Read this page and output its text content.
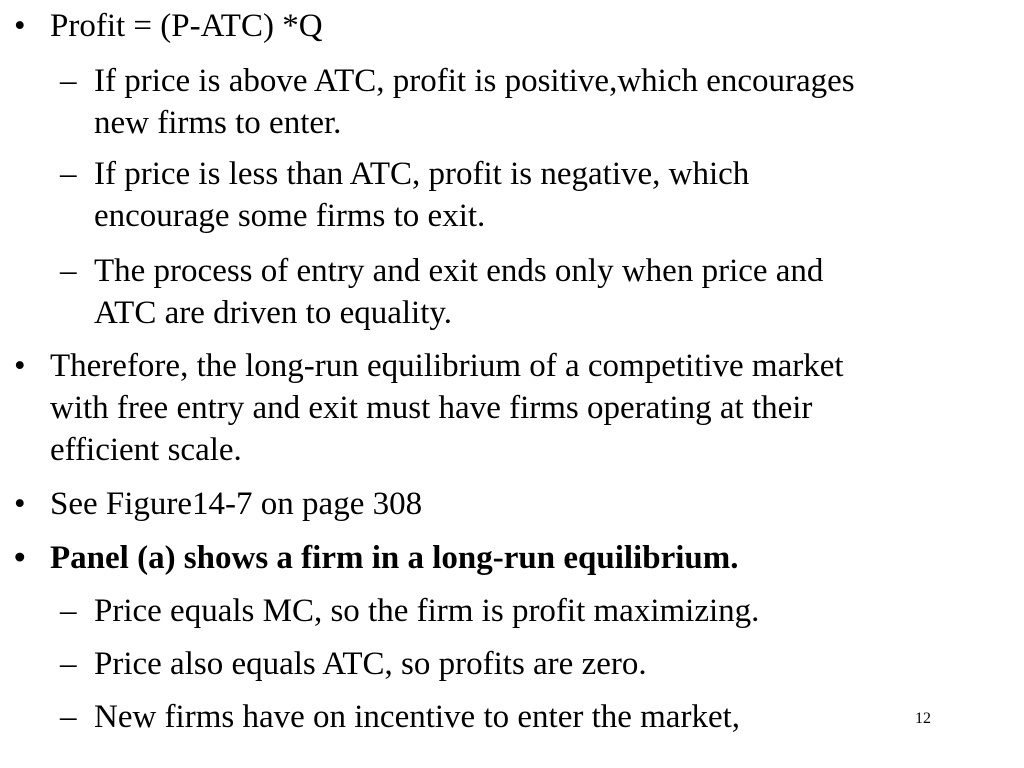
• Profit = (P-ATC) *Q
– If price is above ATC, profit is positive,which encourages
new firms to enter.
– If price is less than ATC, profit is negative, which
encourage some firms to exit.
– The process of entry and exit ends only when price and
ATC are driven to equality.
• Therefore, the long-run equilibrium of a competitive market
with free entry and exit must have firms operating at their
efficient scale.
• See Figure14-7 on page 308
• Panel (a) shows a firm in a long-run equilibrium.
– Price equals MC, so the firm is profit maximizing.
– Price also equals ATC, so profits are zero.
– New firms have on incentive to enter the market,	12
